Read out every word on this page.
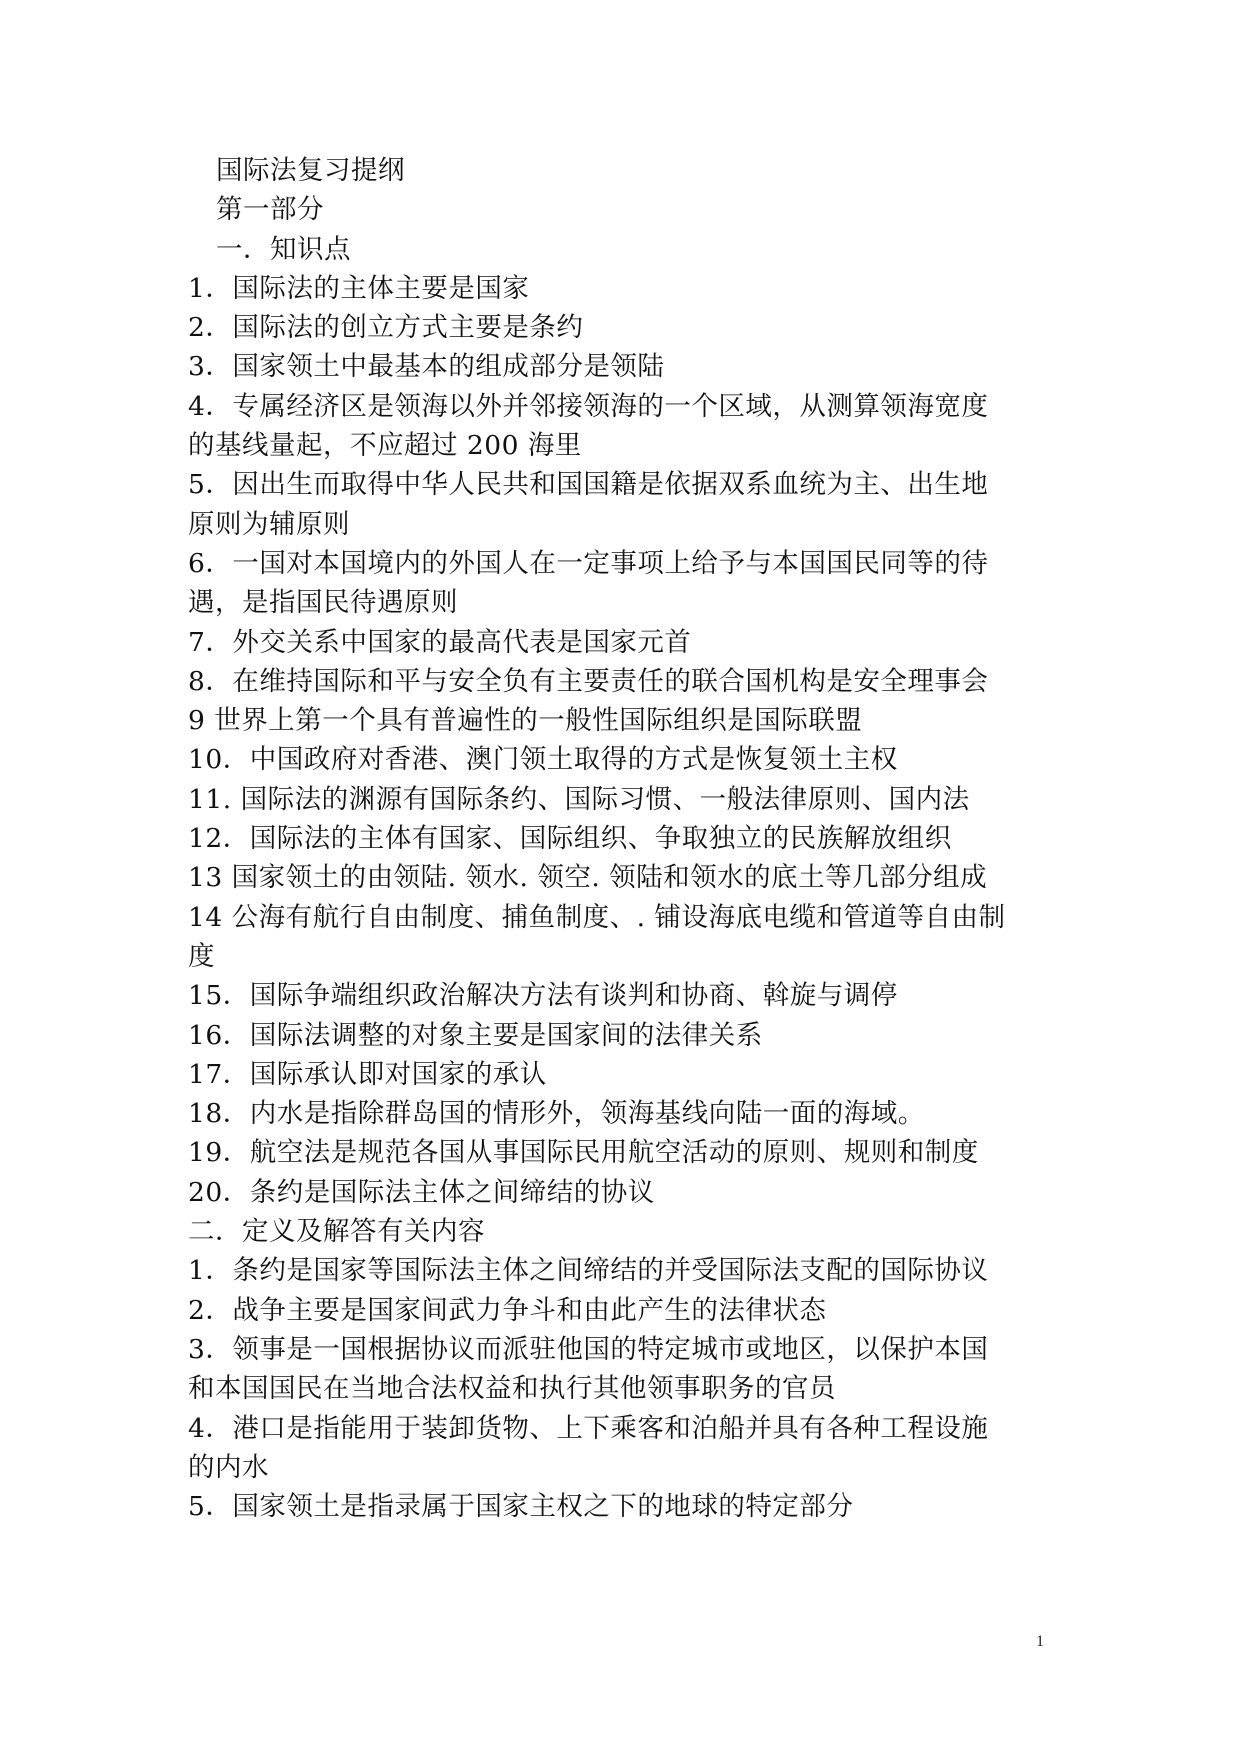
国际法复习提纲
第一部分
一．知识点
1．国际法的主体主要是国家
2．国际法的创立方式主要是条约
3．国家领土中最基本的组成部分是领陆
4．专属经济区是领海以外并邻接领海的一个区域，从测算领海宽度
的基线量起，不应超过 200 海里
5．因出生而取得中华人民共和国国籍是依据双系血统为主、出生地
原则为辅原则
6．一国对本国境内的外国人在一定事项上给予与本国国民同等的待
遇，是指国民待遇原则
7．外交关系中国家的最高代表是国家元首
8．在维持国际和平与安全负有主要责任的联合国机构是安全理事会
9 世界上第一个具有普遍性的一般性国际组织是国际联盟
10．中国政府对香港、澳门领土取得的方式是恢复领土主权
11. 国际法的渊源有国际条约、国际习惯、一般法律原则、国内法
12．国际法的主体有国家、国际组织、争取独立的民族解放组织
13 国家领土的由领陆. 领水. 领空. 领陆和领水的底土等几部分组成
14 公海有航行自由制度、捕鱼制度、. 铺设海底电缆和管道等自由制
度
15．国际争端组织政治解决方法有谈判和协商、斡旋与调停
16．国际法调整的对象主要是国家间的法律关系
17．国际承认即对国家的承认
18．内水是指除群岛国的情形外，领海基线向陆一面的海域。
19．航空法是规范各国从事国际民用航空活动的原则、规则和制度
20．条约是国际法主体之间缔结的协议
二．定义及解答有关内容
1．条约是国家等国际法主体之间缔结的并受国际法支配的国际协议
2．战争主要是国家间武力争斗和由此产生的法律状态
3．领事是一国根据协议而派驻他国的特定城市或地区，以保护本国
和本国国民在当地合法权益和执行其他领事职务的官员
4．港口是指能用于装卸货物、上下乘客和泊船并具有各种工程设施
的内水
5．国家领土是指录属于国家主权之下的地球的特定部分
1
